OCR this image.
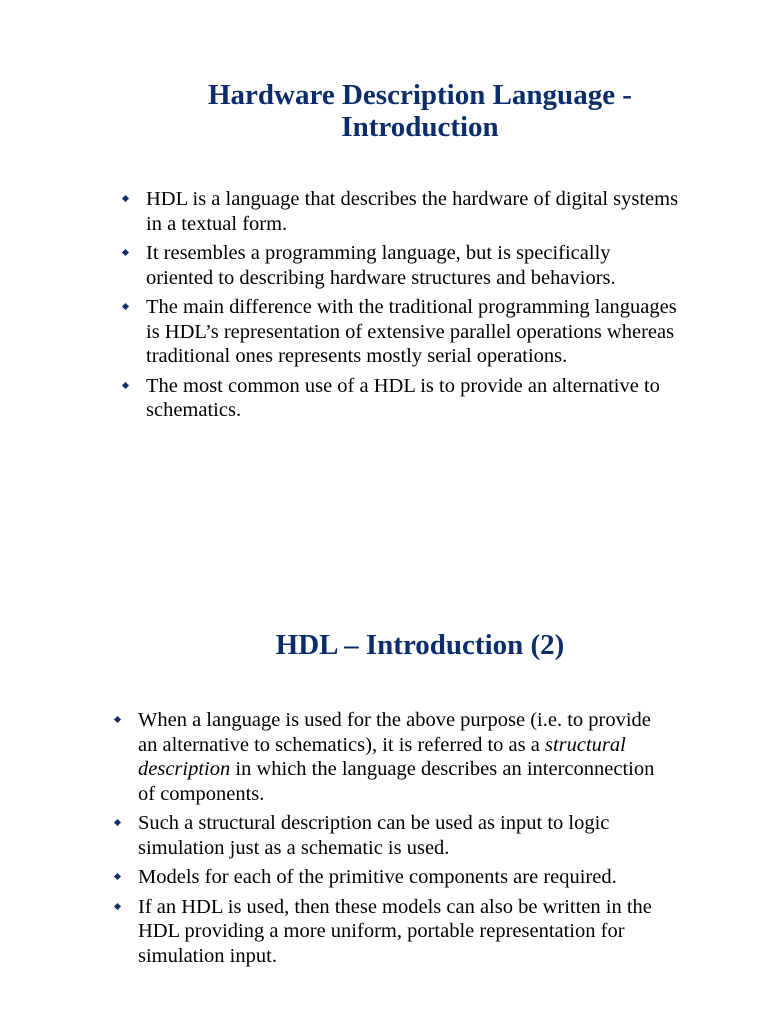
Hardware Description Language -
Introduction
HDL is a language that describes the hardware of digital systems in a textual form.
It resembles a programming language, but is specifically oriented to describing hardware structures and behaviors.
The main difference with the traditional programming languages is HDL’s representation of extensive parallel operations whereas traditional ones represents mostly serial operations.
The most common use of a HDL is to provide an alternative to schematics.
HDL – Introduction (2)
When a language is used for the above purpose (i.e. to provide an alternative to schematics), it is referred to as a structural description in which the language describes an interconnection of components.
Such a structural description can be used as input to logic simulation just as a schematic is used.
Models for each of the primitive components are required.
If an HDL is used, then these models can also be written in the HDL providing a more uniform, portable representation for simulation input.
